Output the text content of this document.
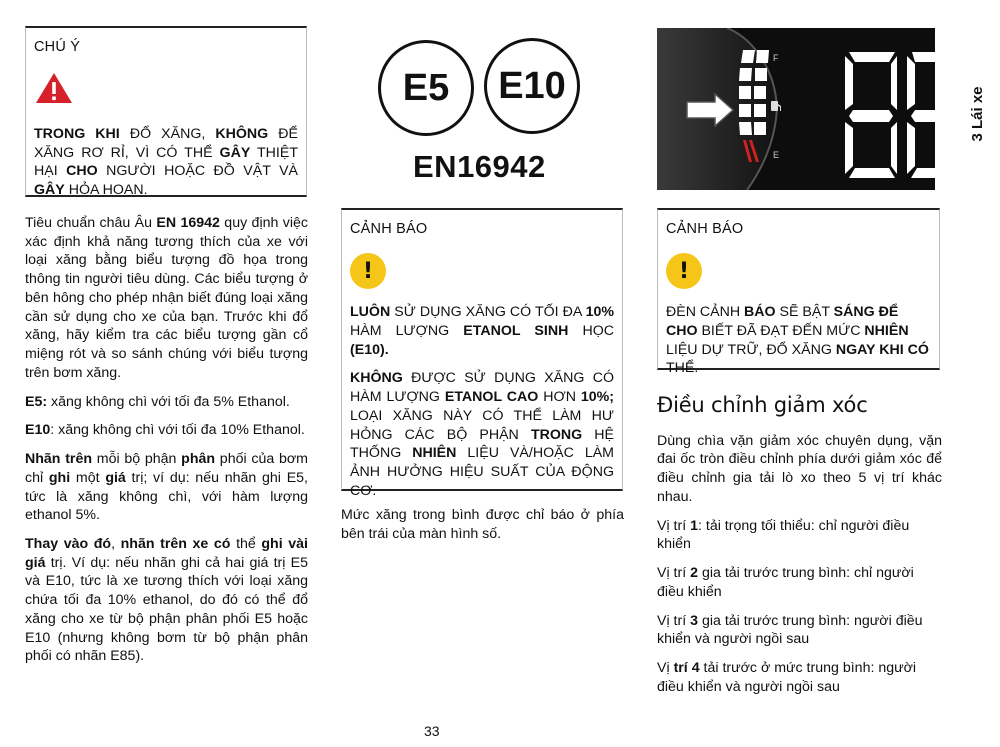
CHÚ Ý

TRONG KHI ĐỔ XĂNG, KHÔNG ĐỂ XĂNG RƠ RỈ, VÌ CÓ THỂ GÂY THIỆT HẠI CHO NGƯỜI HOẶC ĐỒ VẬT VÀ GÂY HỎA HOẠN.

E5 E10
EN16942
F
E
3 Lái xe

Tiêu chuẩn châu Âu EN 16942 quy định việc xác định khả năng tương thích của xe với loại xăng bằng biểu tượng đồ họa trong thông tin người tiêu dùng. Các biểu tượng ở bên hông cho phép nhận biết đúng loại xăng cần sử dụng cho xe của bạn. Trước khi đổ xăng, hãy kiểm tra các biểu tượng gần cổ miệng rót và so sánh chúng với biểu tượng trên bơm xăng.

E5: xăng không chì với tối đa 5% Ethanol.

E10: xăng không chì với tối đa 10% Ethanol.

Nhãn trên mỗi bộ phận phân phối của bơm chỉ ghi một giá trị; ví dụ: nếu nhãn ghi E5, tức là xăng không chì, với hàm lượng ethanol 5%.

Thay vào đó, nhãn trên xe có thể ghi vài giá trị. Ví dụ: nếu nhãn ghi cả hai giá trị E5 và E10, tức là xe tương thích với loại xăng chứa tối đa 10% ethanol, do đó có thể đổ xăng cho xe từ bộ phận phân phối E5 hoặc E10 (nhưng không bơm từ bộ phận phân phối có nhãn E85).

CẢNH BÁO
!

LUÔN SỬ DỤNG XĂNG CÓ TỐI ĐA 10% HÀM LƯỢNG ETANOL SINH HỌC (E10).

KHÔNG ĐƯỢC SỬ DỤNG XĂNG CÓ HÀM LƯỢNG ETANOL CAO HƠN 10%; LOẠI XĂNG NÀY CÓ THỂ LÀM HƯ HỎNG CÁC BỘ PHẬN TRONG HỆ THỐNG NHIÊN LIỆU VÀ/HOẶC LÀM ẢNH HƯỞNG HIỆU SUẤT CỦA ĐỘNG CƠ.

Mức xăng trong bình được chỉ báo ở phía bên trái của màn hình số.

CẢNH BÁO
!

ĐÈN CẢNH BÁO SẼ BẬT SÁNG ĐỂ CHO BIẾT ĐÃ ĐẠT ĐẾN MỨC NHIÊN LIỆU DỰ TRỮ, ĐỔ XĂNG NGAY KHI CÓ THỂ.

Điều chỉnh giảm xóc

Dùng chìa vặn giảm xóc chuyên dụng, vặn đai ốc tròn điều chỉnh phía dưới giảm xóc để điều chỉnh gia tải lò xo theo 5 vị trí khác nhau.

Vị trí 1: tải trọng tối thiểu: chỉ người điều khiển

Vị trí 2 gia tải trước trung bình: chỉ người điều khiển

Vị trí 3 gia tải trước trung bình: người điều khiển và người ngồi sau

Vị trí 4 tải trước ở mức trung bình: người điều khiển và người ngồi sau

33
